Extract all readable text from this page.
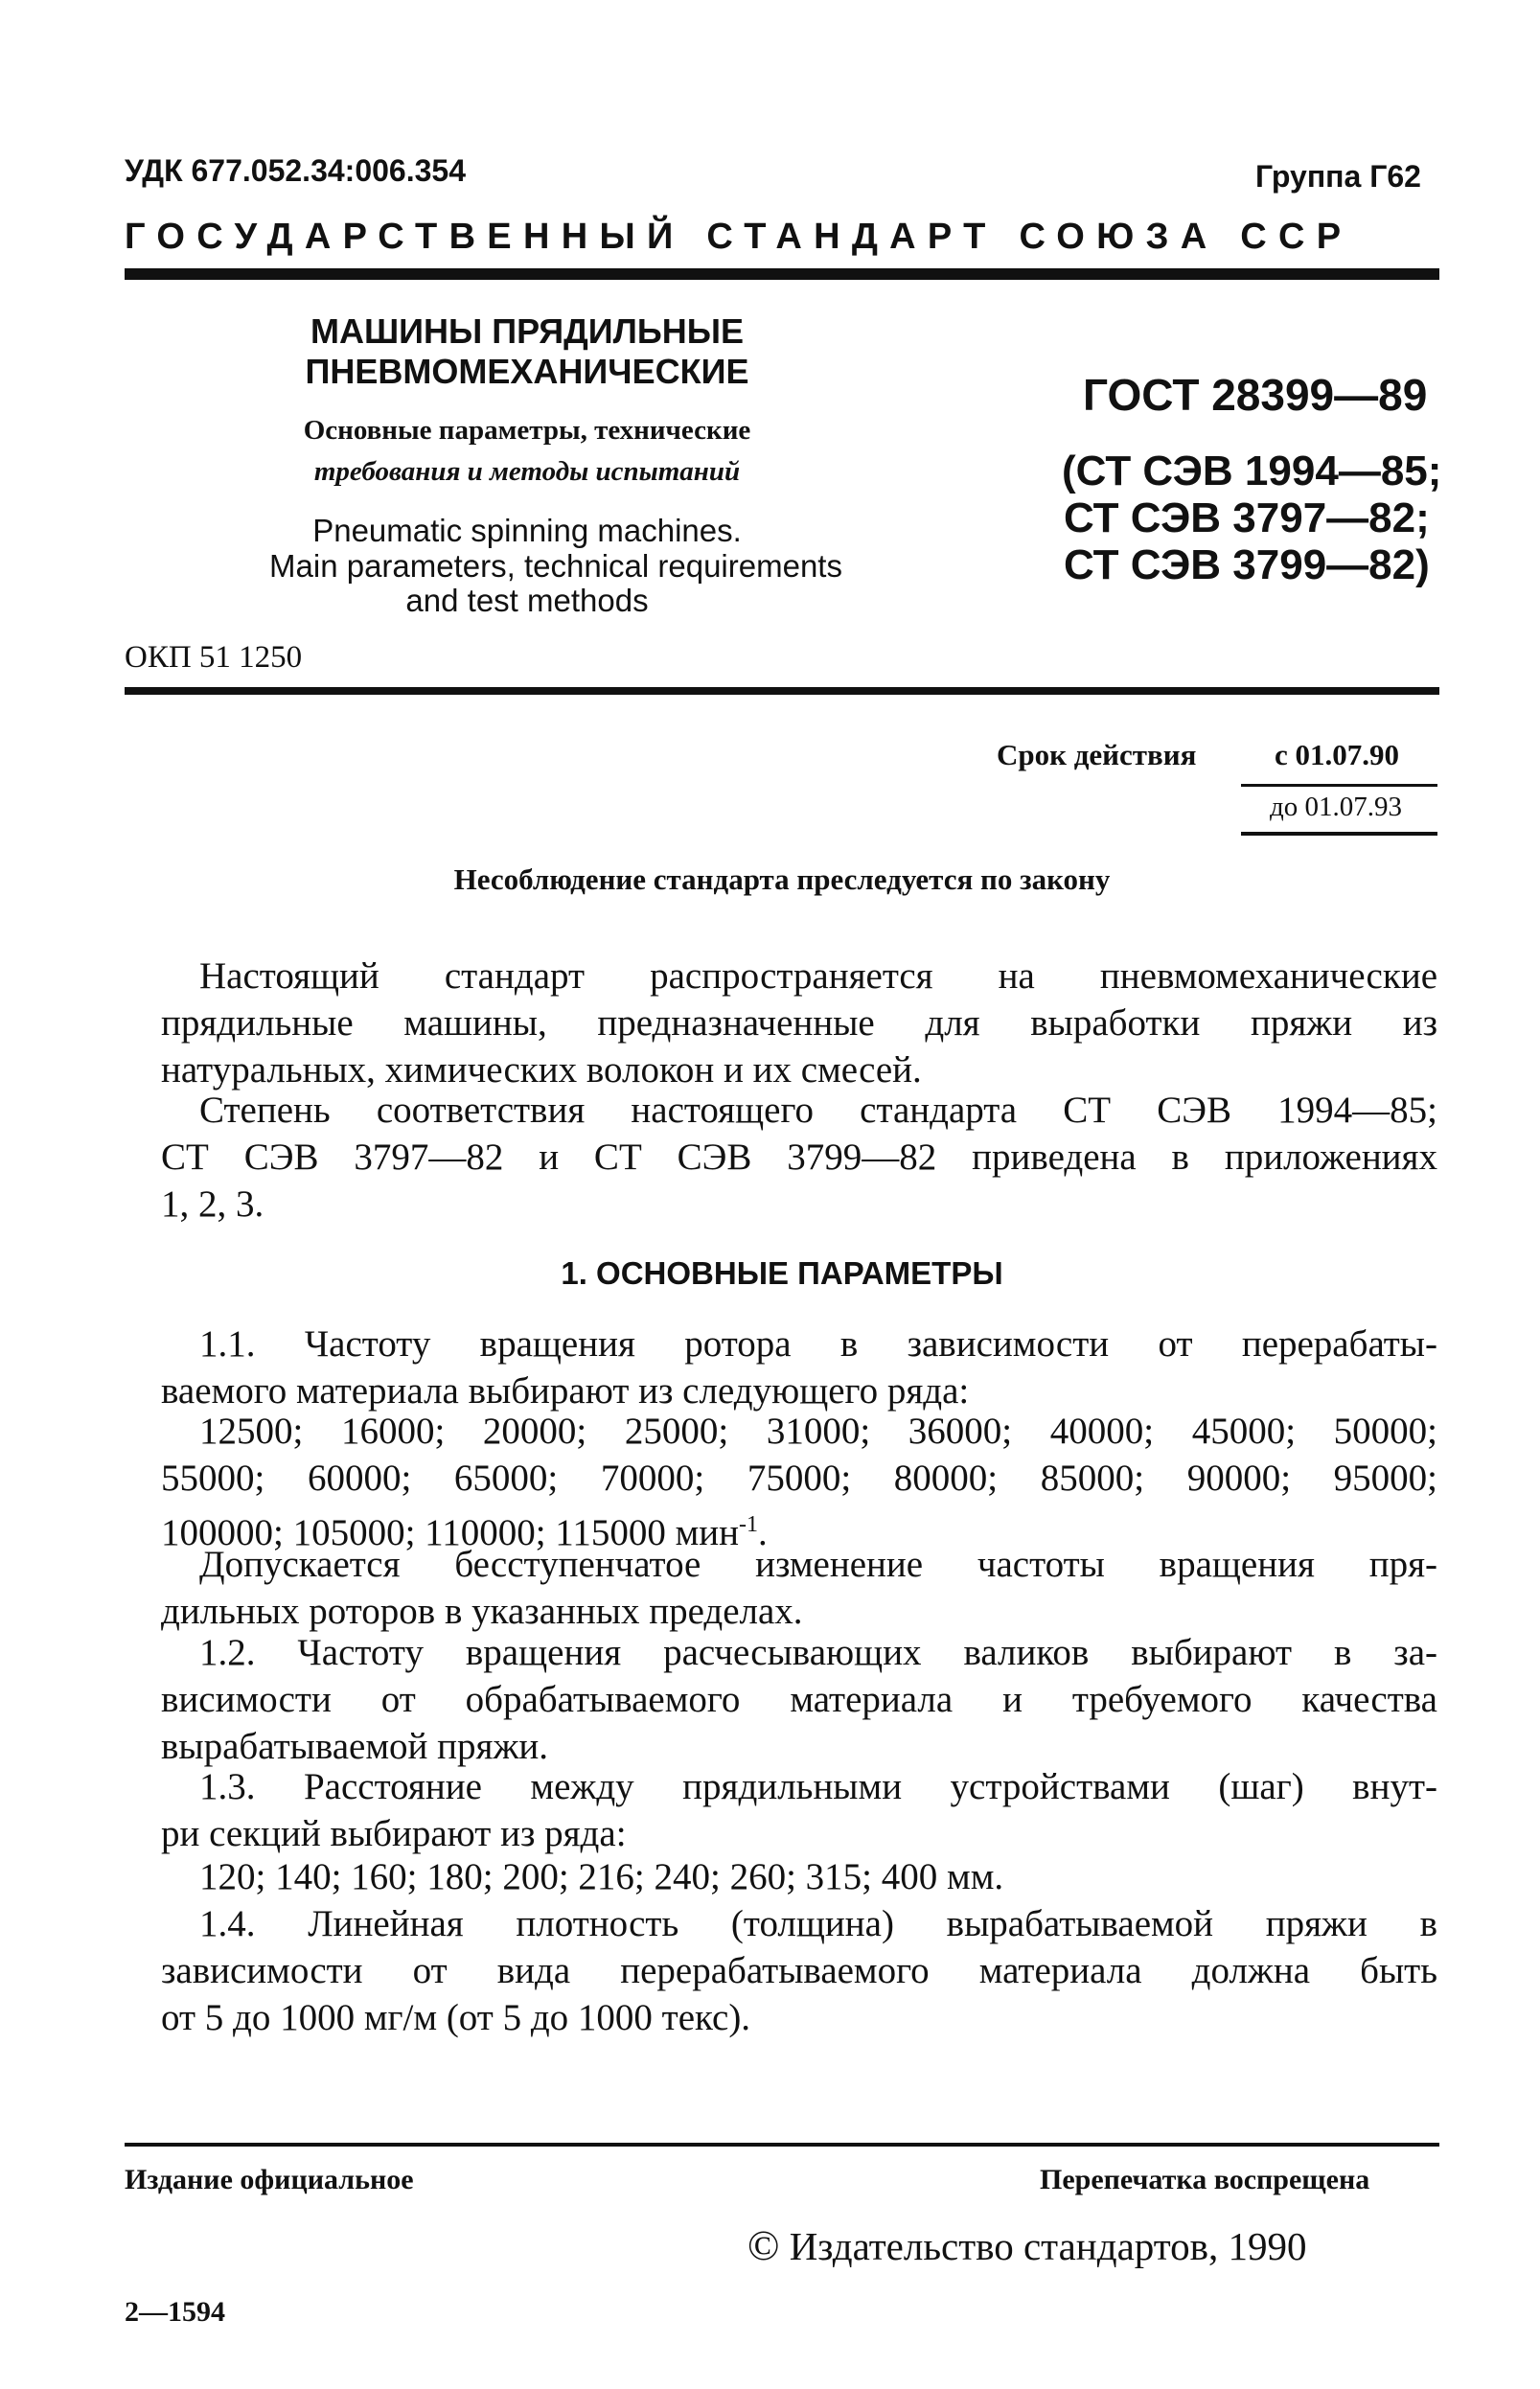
УДК 677.052.34:006.354	Группа Г62
ГОСУДАРСТВЕННЫЙ СТАНДАРТ СОЮЗА ССР
МАШИНЫ ПРЯДИЛЬНЫЕ
ПНЕВМОМЕХАНИЧЕСКИЕ
Основные параметры, технические
требования и методы испытаний
Pneumatic spinning machines.
Main parameters, technical requirements
and test methods
ОКП 51 1250
ГОСТ 28399—89
(СТ СЭВ 1994—85;
СТ СЭВ 3797—82;
СТ СЭВ 3799—82)
Срок действия	с 01.07.90
до 01.07.93
Несоблюдение стандарта преследуется по закону
Настоящий стандарт распространяется на пневмомеханические
прядильные машины, предназначенные для выработки пряжи из
натуральных, химических волокон и их смесей.
Степень соответствия настоящего стандарта СТ СЭВ 1994—85;
СТ СЭВ 3797—82 и СТ СЭВ 3799—82 приведена в приложениях
1, 2, 3.
1. ОСНОВНЫЕ ПАРАМЕТРЫ
1.1. Частоту вращения ротора в зависимости от перерабаты-
ваемого материала выбирают из следующего ряда:
12500; 16000; 20000; 25000; 31000; 36000; 40000; 45000; 50000;
55000; 60000; 65000; 70000; 75000; 80000; 85000; 90000; 95000;
100000; 105000; 110000; 115000 мин$^{-1}$.
Допускается бесступенчатое изменение частоты вращения пря-
дильных роторов в указанных пределах.
1.2. Частоту вращения расчесывающих валиков выбирают в за-
висимости от обрабатываемого материала и требуемого качества
вырабатываемой пряжи.
1.3. Расстояние между прядильными устройствами (шаг) внут-
ри секций выбирают из ряда:
120; 140; 160; 180; 200; 216; 240; 260; 315; 400 мм.
1.4. Линейная плотность (толщина) вырабатываемой пряжи в
зависимости от вида перерабатываемого материала должна быть
от 5 до 1000 мг/м (от 5 до 1000 текс).
Издание официальное	Перепечатка воспрещена
© Издательство стандартов, 1990
2—1594
